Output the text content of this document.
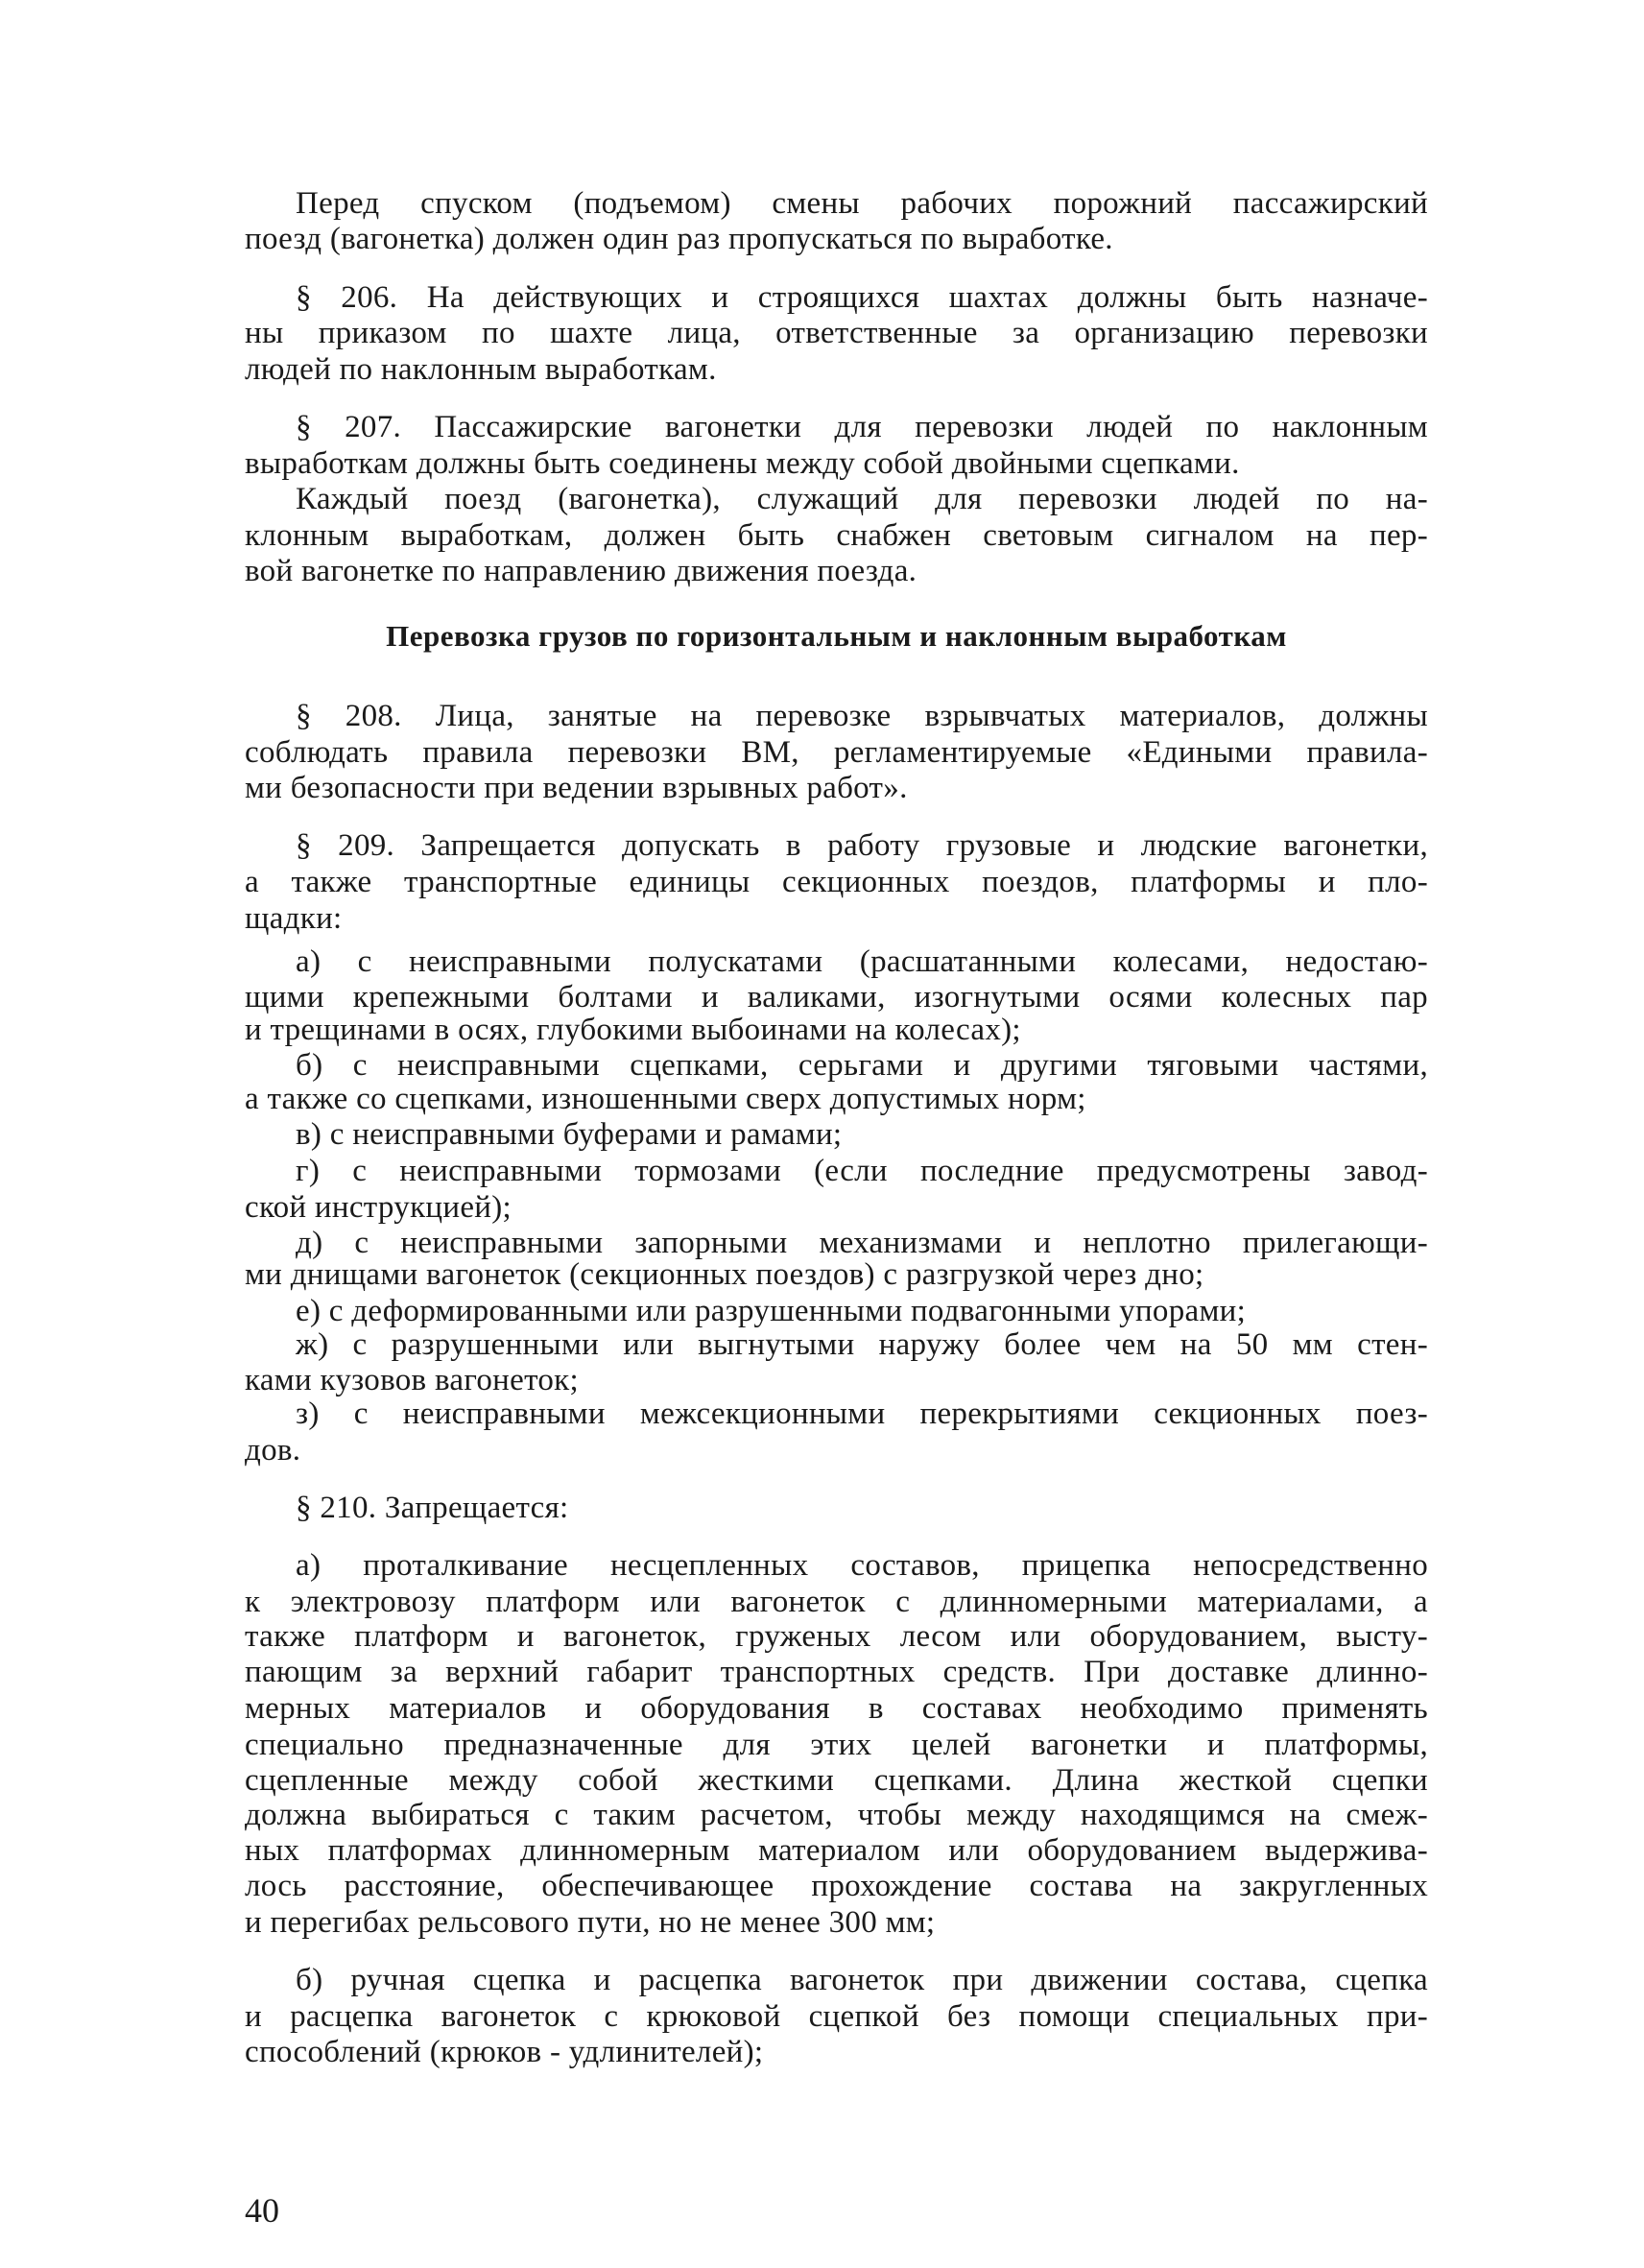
Перевозка грузов по горизонтальным и наклонным выработкам
40
Перед спуском (подъемом) смены рабочих порожний пассажирский
поезд (вагонетка) должен один раз пропускаться по выработке.
§ 206. На действующих и строящихся шахтах должны быть назначе-
ны приказом по шахте лица, ответственные за организацию перевозки
людей по наклонным выработкам.
§ 207. Пассажирские вагонетки для перевозки людей по наклонным
выработкам должны быть соединены между собой двойными сцепками.
Каждый поезд (вагонетка), служащий для перевозки людей по на-
клонным выработкам, должен быть снабжен световым сигналом на пер-
вой вагонетке по направлению движения поезда.
§ 208. Лица, занятые на перевозке взрывчатых материалов, должны
соблюдать правила перевозки ВМ, регламентируемые «Едиными правила-
ми безопасности при ведении взрывных работ».
§ 209. Запрещается допускать в работу грузовые и людские вагонетки,
а также транспортные единицы секционных поездов, платформы и пло-
щадки:
а) с неисправными полускатами (расшатанными колесами, недостаю-
щими крепежными болтами и валиками, изогнутыми осями колесных пар
и трещинами в осях, глубокими выбоинами на колесах);
б) с неисправными сцепками, серьгами и другими тяговыми частями,
а также со сцепками, изношенными сверх допустимых норм;
в) с неисправными буферами и рамами;
г) с неисправными тормозами (если последние предусмотрены завод-
ской инструкцией);
д) с неисправными запорными механизмами и неплотно прилегающи-
ми днищами вагонеток (секционных поездов) с разгрузкой через дно;
е) с деформированными или разрушенными подвагонными упорами;
ж) с разрушенными или выгнутыми наружу более чем на 50 мм стен-
ками кузовов вагонеток;
з) с неисправными межсекционными перекрытиями секционных поез-
дов.
§ 210. Запрещается:
а) проталкивание несцепленных составов, прицепка непосредственно
к электровозу платформ или вагонеток с длинномерными материалами, а
также платформ и вагонеток, груженых лесом или оборудованием, высту-
пающим за верхний габарит транспортных средств. При доставке длинно-
мерных материалов и оборудования в составах необходимо применять
специально предназначенные для этих целей вагонетки и платформы,
сцепленные между собой жесткими сцепками. Длина жесткой сцепки
должна выбираться с таким расчетом, чтобы между находящимся на смеж-
ных платформах длинномерным материалом или оборудованием выдержива-
лось расстояние, обеспечивающее прохождение состава на закругленных
и перегибах рельсового пути, но не менее 300 мм;
б) ручная сцепка и расцепка вагонеток при движении состава, сцепка
и расцепка вагонеток с крюковой сцепкой без помощи специальных при-
способлений (крюков - удлинителей);
